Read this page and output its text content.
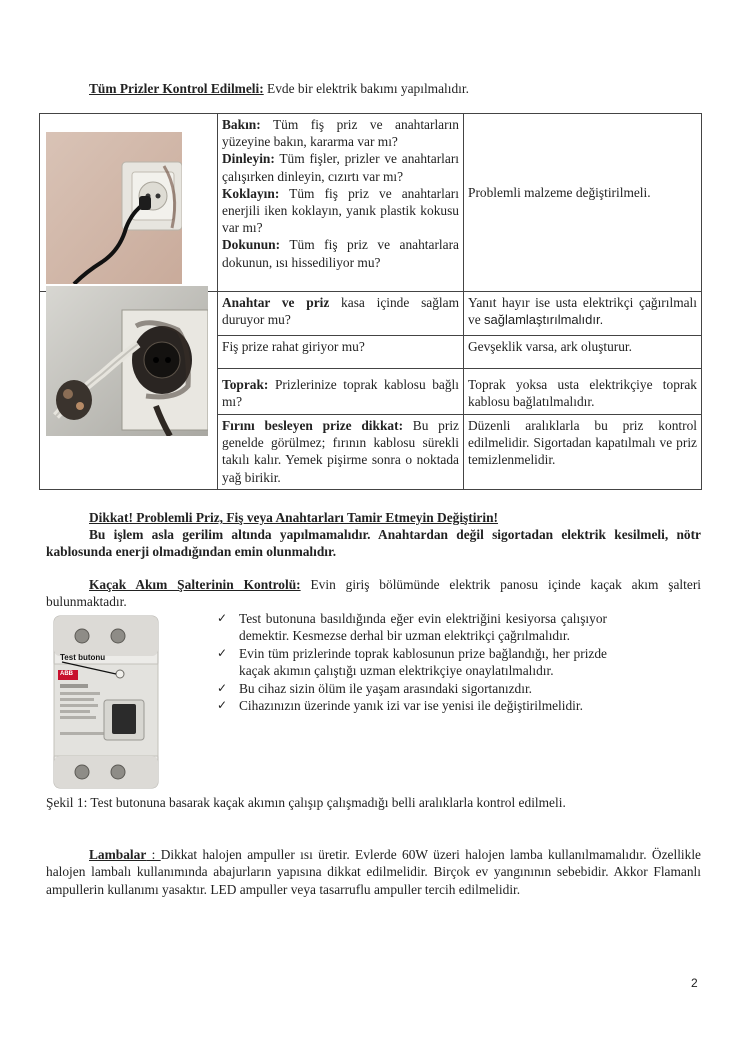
Tüm Prizler Kontrol Edilmeli: Evde bir elektrik bakımı yapılmalıdır.
	Bakın: Tüm fiş priz ve anahtarların yüzeyine bakın, kararma var mı?
Dinleyin: Tüm fişler, prizler ve anahtarları çalışırken dinleyin, cızırtı var mı?
Koklayın: Tüm fiş priz ve anahtarları enerjili iken koklayın, yanık plastik kokusu var mı?
Dokunun: Tüm fiş priz ve anahtarlara dokunun, ısı hissediliyor mu?	Problemli malzeme değiştirilmeli.

	Anahtar ve priz kasa içinde sağlam duruyor mu?	Yanıt hayır ise usta elektrikçi çağırılmalı ve sağlamlaştırılmalıdır.
	Fiş prize rahat giriyor mu?	Gevşeklik varsa, ark oluşturur.
	Toprak: Prizlerinize toprak kablosu bağlı mı?	Toprak yoksa usta elektrikçiye toprak kablosu bağlatılmalıdır.
	Fırını besleyen prize dikkat: Bu priz genelde görülmez; fırının kablosu sürekli takılı kalır. Yemek pişirme sonra o noktada yağ birikir.	Düzenli aralıklarla bu priz kontrol edilmelidir. Sigortadan kapatılmalı ve priz temizlenmelidir.
Dikkat! Problemli Priz, Fiş veya Anahtarları Tamir Etmeyin Değiştirin!
Bu işlem asla gerilim altında yapılmamalıdır. Anahtardan değil sigortadan elektrik kesilmeli, nötr kablosunda enerji olmadığından emin olunmalıdır.
Kaçak Akım Şalterinin Kontrolü: Evin giriş bölümünde elektrik panosu içinde kaçak akım şalteri bulunmaktadır.
Test butonu
ABB
✓ Test butonuna basıldığında eğer evin elektriğini kesiyorsa çalışıyor demektir. Kesmezse derhal bir uzman elektrikçi çağrılmalıdır.
✓ Evin tüm prizlerinde toprak kablosunun prize bağlandığı, her prizde kaçak akımın çalıştığı uzman elektrikçiye onaylatılmalıdır.
✓ Bu cihaz sizin ölüm ile yaşam arasındaki sigortanızdır.
✓ Cihazınızın üzerinde yanık izi var ise yenisi ile değiştirilmelidir.
Şekil 1: Test butonuna basarak kaçak akımın çalışıp çalışmadığı belli aralıklarla kontrol edilmeli.
Lambalar : Dikkat halojen ampuller ısı üretir. Evlerde 60W üzeri halojen lamba kullanılmamalıdır. Özellikle halojen lambalı kullanımında abajurların yapısına dikkat edilmelidir. Birçok ev yangınının sebebidir. Akkor Flamanlı ampullerin kullanımı yasaktır. LED ampuller veya tasarruflu ampuller tercih edilmelidir.
2
